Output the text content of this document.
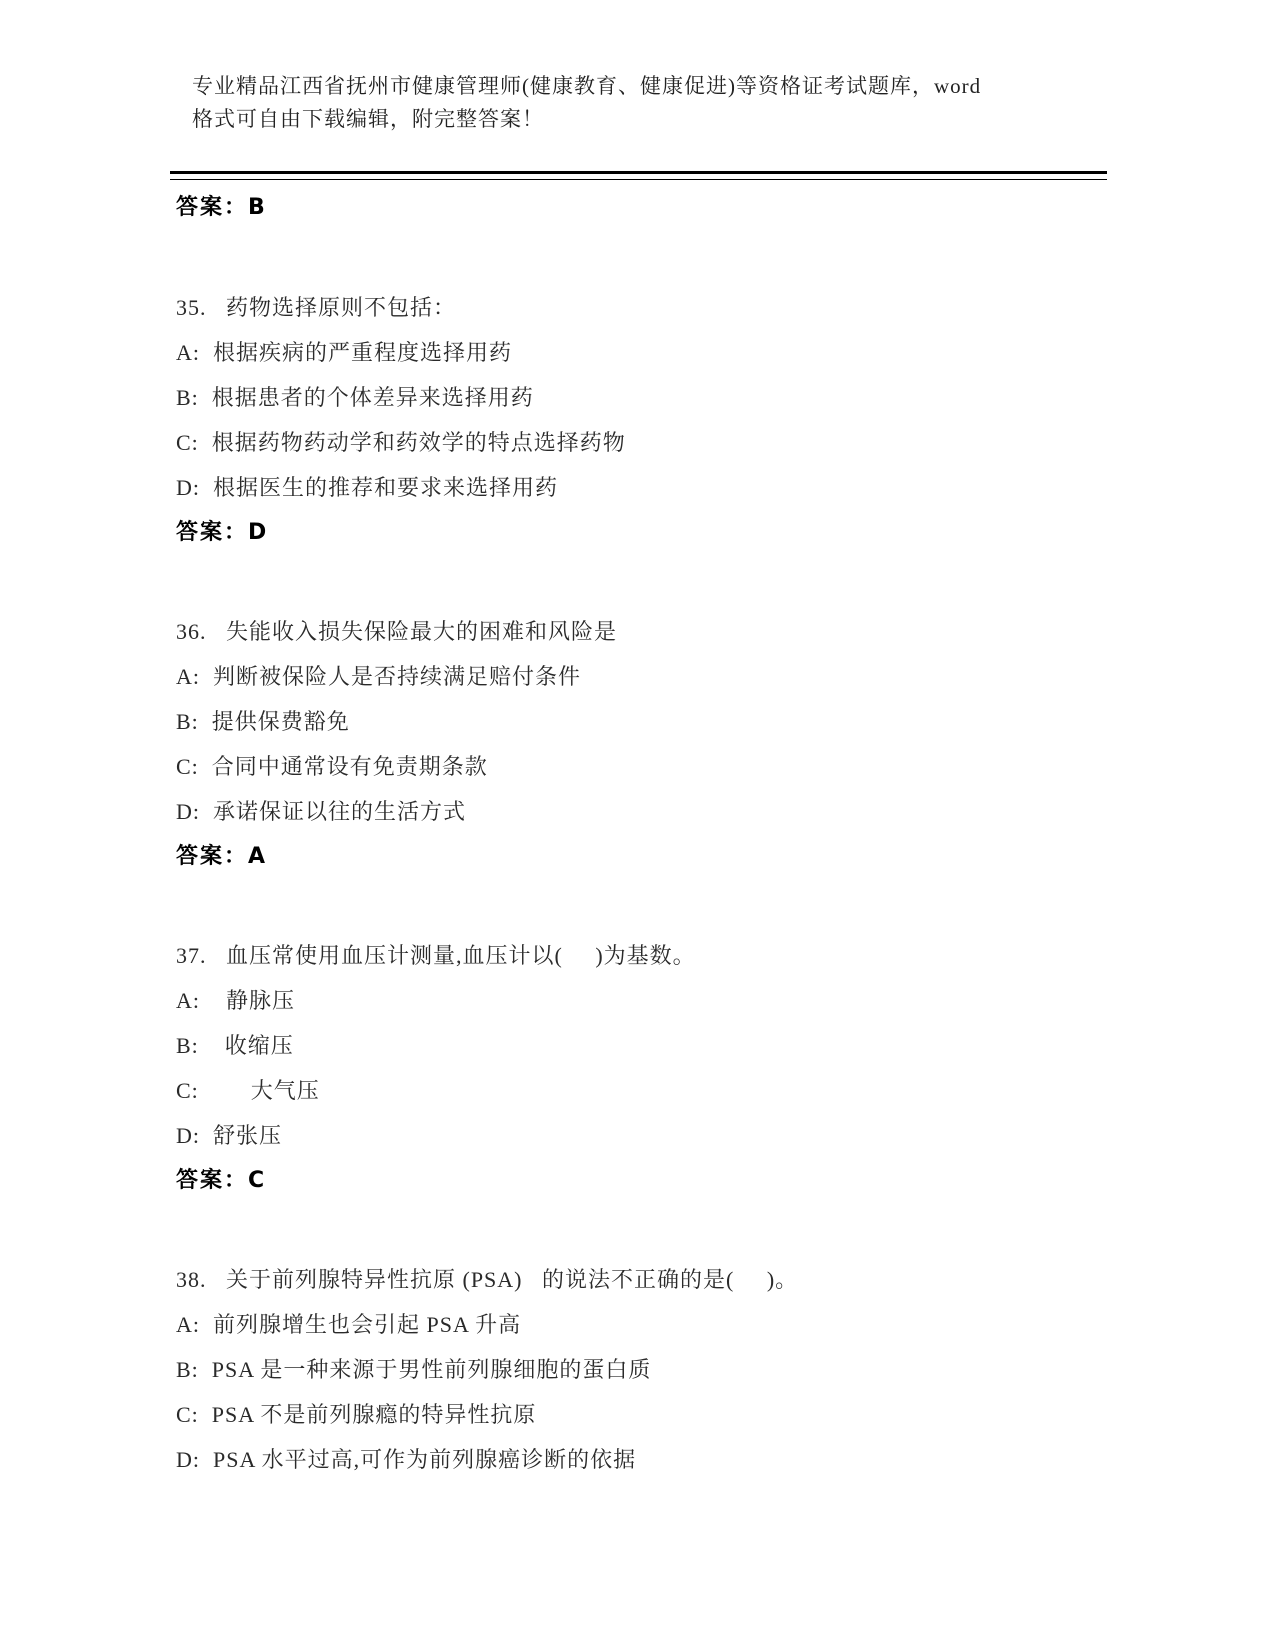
专业精品江西省抚州市健康管理师(健康教育、健康促进)等资格证考试题库，word
格式可自由下载编辑，附完整答案！
答案：B
35.   药物选择原则不包括：
A:  根据疾病的严重程度选择用药
B:  根据患者的个体差异来选择用药
C:  根据药物药动学和药效学的特点选择药物
D:  根据医生的推荐和要求来选择用药
答案：D
36.   失能收入损失保险最大的困难和风险是
A:  判断被保险人是否持续满足赔付条件
B:  提供保费豁免
C:  合同中通常设有免责期条款
D:  承诺保证以往的生活方式
答案：A
37.   血压常使用血压计测量,血压计以(     )为基数。
A:    静脉压
B:    收缩压
C:        大气压
D:  舒张压
答案：C
38.   关于前列腺特异性抗原 (PSA)   的说法不正确的是(     )。
A:  前列腺增生也会引起 PSA 升高
B:  PSA 是一种来源于男性前列腺细胞的蛋白质
C:  PSA 不是前列腺瘾的特异性抗原
D:  PSA 水平过高,可作为前列腺癌诊断的依据
